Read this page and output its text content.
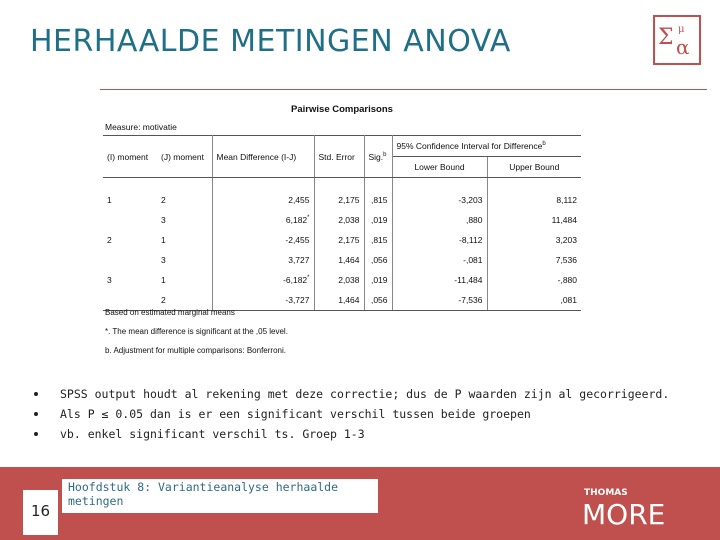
HERHAALDE METINGEN ANOVA	Σ α
μ
Pairwise Comparisons
Measure: motivatie
(I) moment	(J) moment	Mean Difference (I-J)	Std. Error	Sig.$^b$	95% Confidence Interval for Difference$^b$
					Lower Bound	Upper Bound
1	2	2,455	2,175	,815	-3,203	8,112
	3	6,182*	2,038	,019	,880	11,484
2	1	-2,455	2,175	,815	-8,112	3,203
	3	3,727	1,464	,056	-,081	7,536
3	1	-6,182*	2,038	,019	-11,484	-,880
	2	-3,727	1,464	,056	-7,536	,081
Based on estimated marginal means
*. The mean difference is significant at the ,05 level.
b. Adjustment for multiple comparisons: Bonferroni.
SPSS output houdt al rekening met deze correctie; dus de P waarden zijn al gecorrigeerd.
Als P ≤ 0.05 dan is er een significant verschil tussen beide groepen
vb. enkel significant verschil ts. Groep 1-3
16
Hoofdstuk 8: Variantieanalyse herhaalde metingen
THOMAS
MORE
